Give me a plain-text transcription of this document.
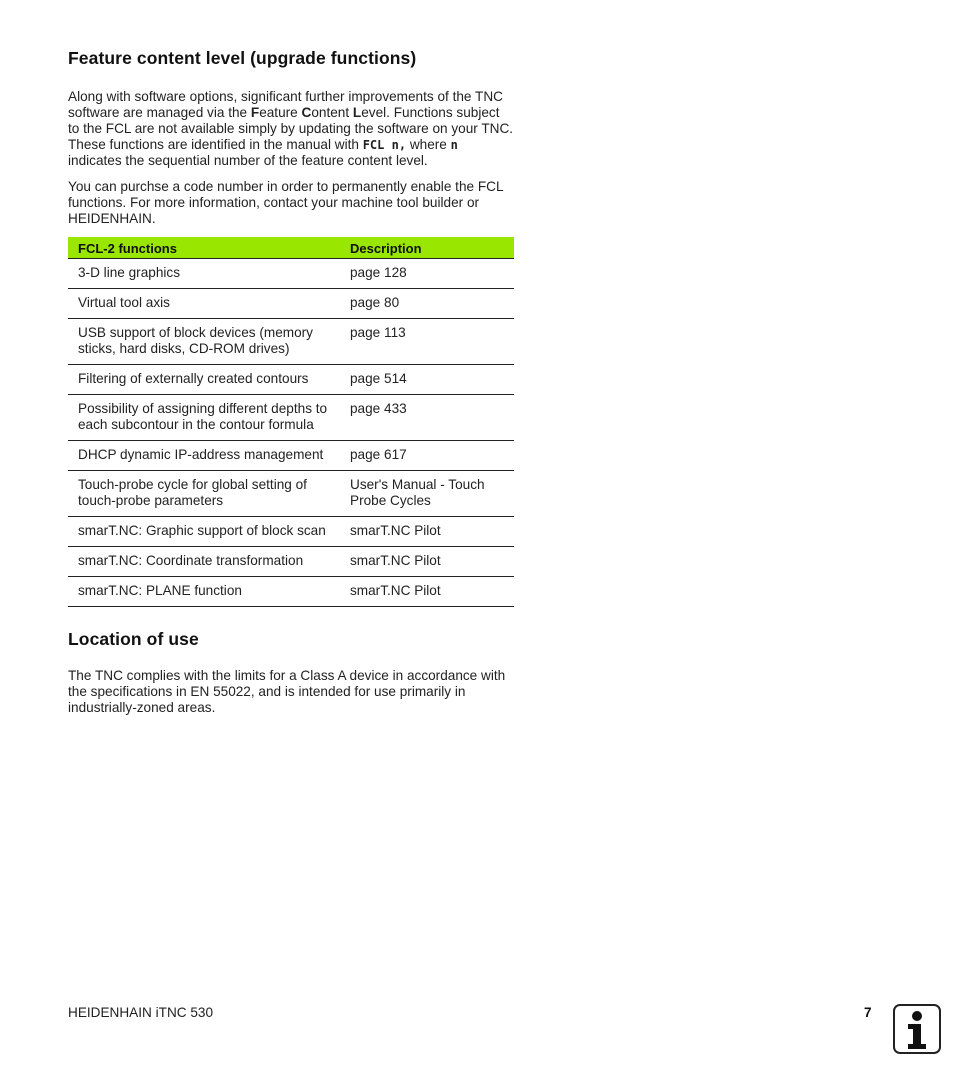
Feature content level (upgrade functions)

Along with software options, significant further improvements of the TNC software are managed via the Feature Content Level. Functions subject to the FCL are not available simply by updating the software on your TNC. These functions are identified in the manual with FCL n, where n indicates the sequential number of the feature content level.

You can purchse a code number in order to permanently enable the FCL functions. For more information, contact your machine tool builder or HEIDENHAIN.

FCL-2 functions	Description
3-D line graphics	page 128
Virtual tool axis	page 80
USB support of block devices (memory sticks, hard disks, CD-ROM drives)	page 113
Filtering of externally created contours	page 514
Possibility of assigning different depths to each subcontour in the contour formula	page 433
DHCP dynamic IP-address management	page 617
Touch-probe cycle for global setting of touch-probe parameters	User's Manual - Touch Probe Cycles
smarT.NC: Graphic support of block scan	smarT.NC Pilot
smarT.NC: Coordinate transformation	smarT.NC Pilot
smarT.NC: PLANE function	smarT.NC Pilot
Location of use

The TNC complies with the limits for a Class A device in accordance with the specifications in EN 55022, and is intended for use primarily in industrially-zoned areas.

HEIDENHAIN iTNC 530	7
